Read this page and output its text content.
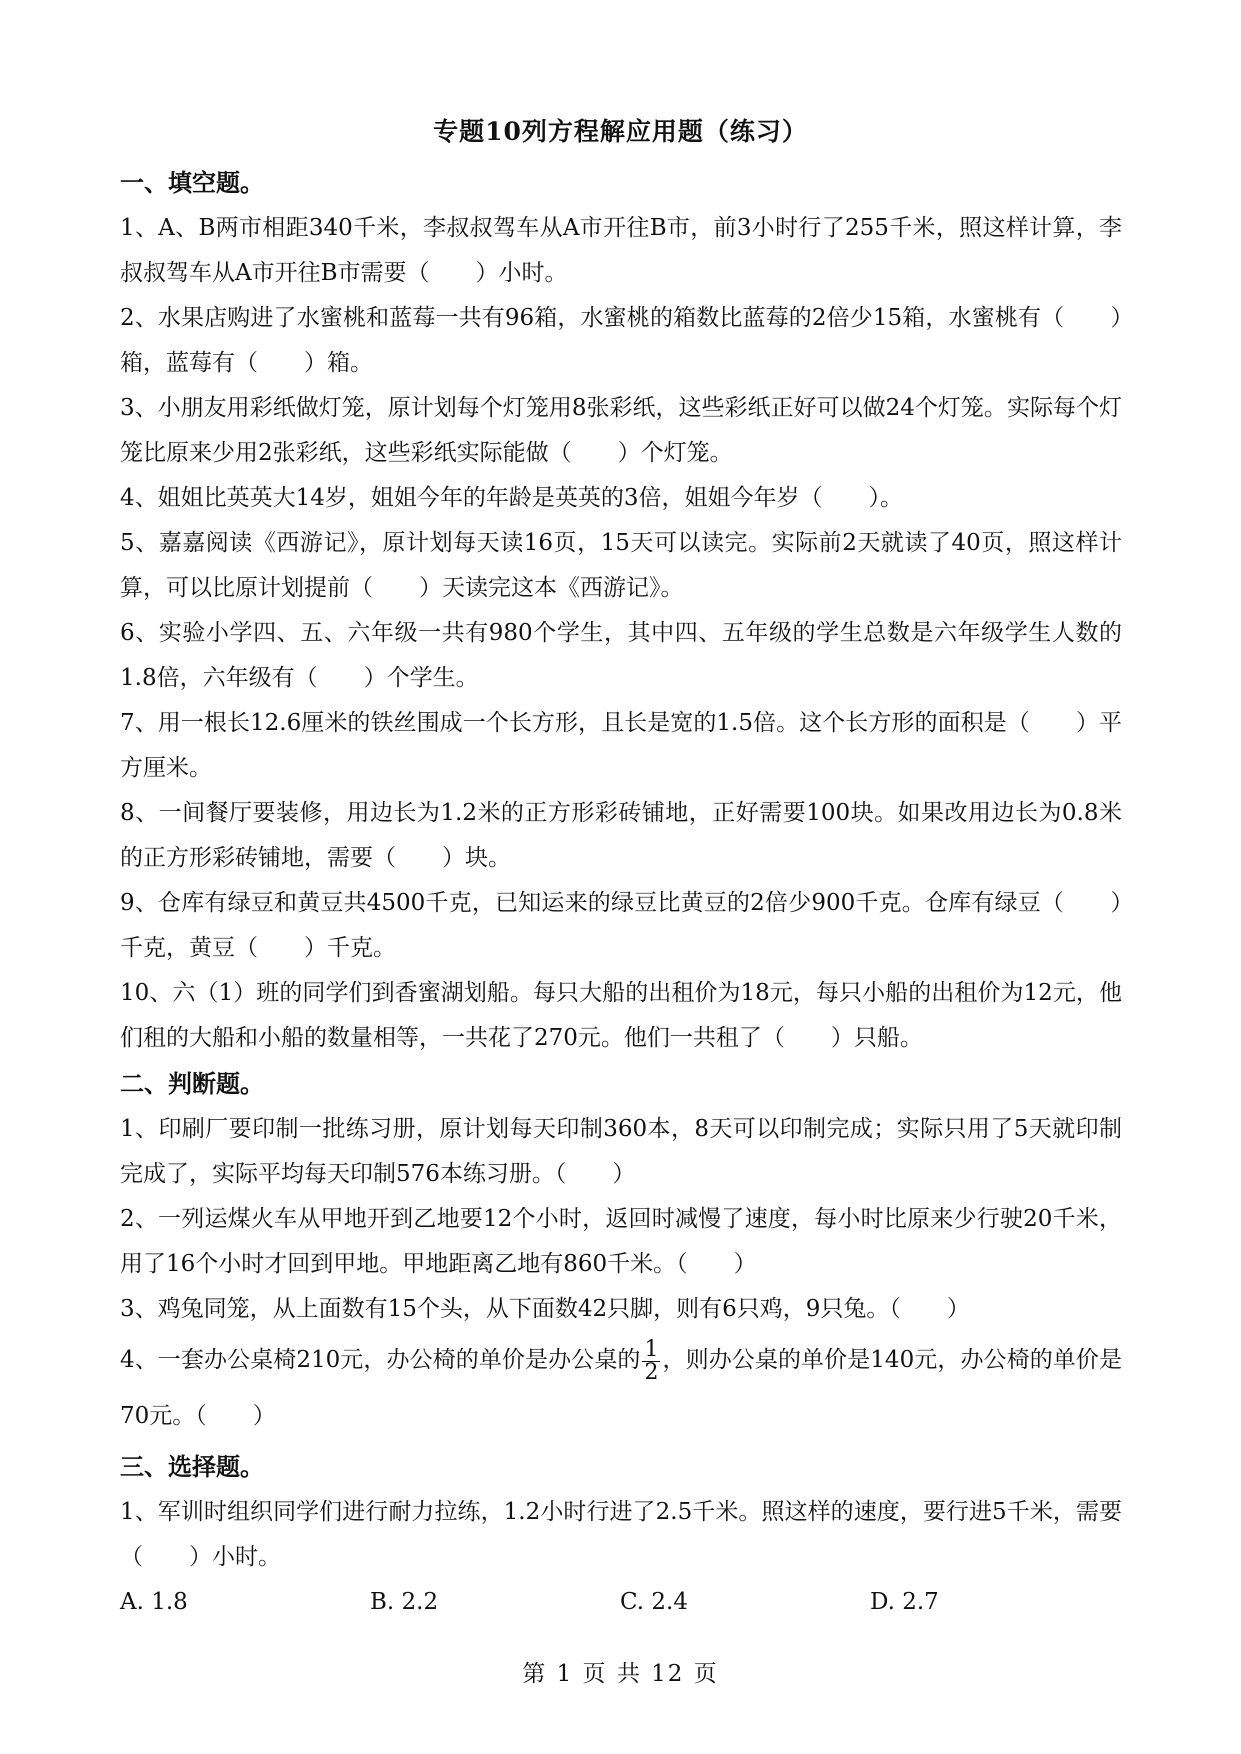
专题10列方程解应用题（练习）
一、填空题。

1、A、B两市相距340千米，李叔叔驾车从A市开往B市，前3小时行了255千米，照这样计算，李叔叔驾车从A市开往B市需要（　　）小时。

2、水果店购进了水蜜桃和蓝莓一共有96箱，水蜜桃的箱数比蓝莓的2倍少15箱，水蜜桃有（　　）箱，蓝莓有（　　）箱。

3、小朋友用彩纸做灯笼，原计划每个灯笼用8张彩纸，这些彩纸正好可以做24个灯笼。实际每个灯笼比原来少用2张彩纸，这些彩纸实际能做（　　）个灯笼。

4、姐姐比英英大14岁，姐姐今年的年龄是英英的3倍，姐姐今年岁（　　）。

5、嘉嘉阅读《西游记》，原计划每天读16页，15天可以读完。实际前2天就读了40页，照这样计算，可以比原计划提前（　　）天读完这本《西游记》。

6、实验小学四、五、六年级一共有980个学生，其中四、五年级的学生总数是六年级学生人数的1.8倍，六年级有（　　）个学生。

7、用一根长12.6厘米的铁丝围成一个长方形，且长是宽的1.5倍。这个长方形的面积是（　　）平方厘米。

8、一间餐厅要装修，用边长为1.2米的正方形彩砖铺地，正好需要100块。如果改用边长为0.8米的正方形彩砖铺地，需要（　　）块。

9、仓库有绿豆和黄豆共4500千克，已知运来的绿豆比黄豆的2倍少900千克。仓库有绿豆（　　）千克，黄豆（　　）千克。

10、六（1）班的同学们到香蜜湖划船。每只大船的出租价为18元，每只小船的出租价为12元，他们租的大船和小船的数量相等，一共花了270元。他们一共租了（　　）只船。

二、判断题。

1、印刷厂要印制一批练习册，原计划每天印制360本，8天可以印制完成；实际只用了5天就印制完成了，实际平均每天印制576本练习册。（　　）

2、一列运煤火车从甲地开到乙地要12个小时，返回时减慢了速度，每小时比原来少行驶20千米，用了16个小时才回到甲地。甲地距离乙地有860千米。（　　）

3、鸡兔同笼，从上面数有15个头，从下面数42只脚，则有6只鸡，9只兔。（　　）

4、一套办公桌椅210元，办公椅的单价是办公桌的 $\frac{1}{2}$ ，则办公桌的单价是140元，办公椅的单价是70元。（　　）

三、选择题。

1、军训时组织同学们进行耐力拉练，1.2小时行进了2.5千米。照这样的速度，要行进5千米，需要（　　）小时。

A. 1.8	B. 2.2	C. 2.4	D. 2.7
第 1 页 共 12 页
